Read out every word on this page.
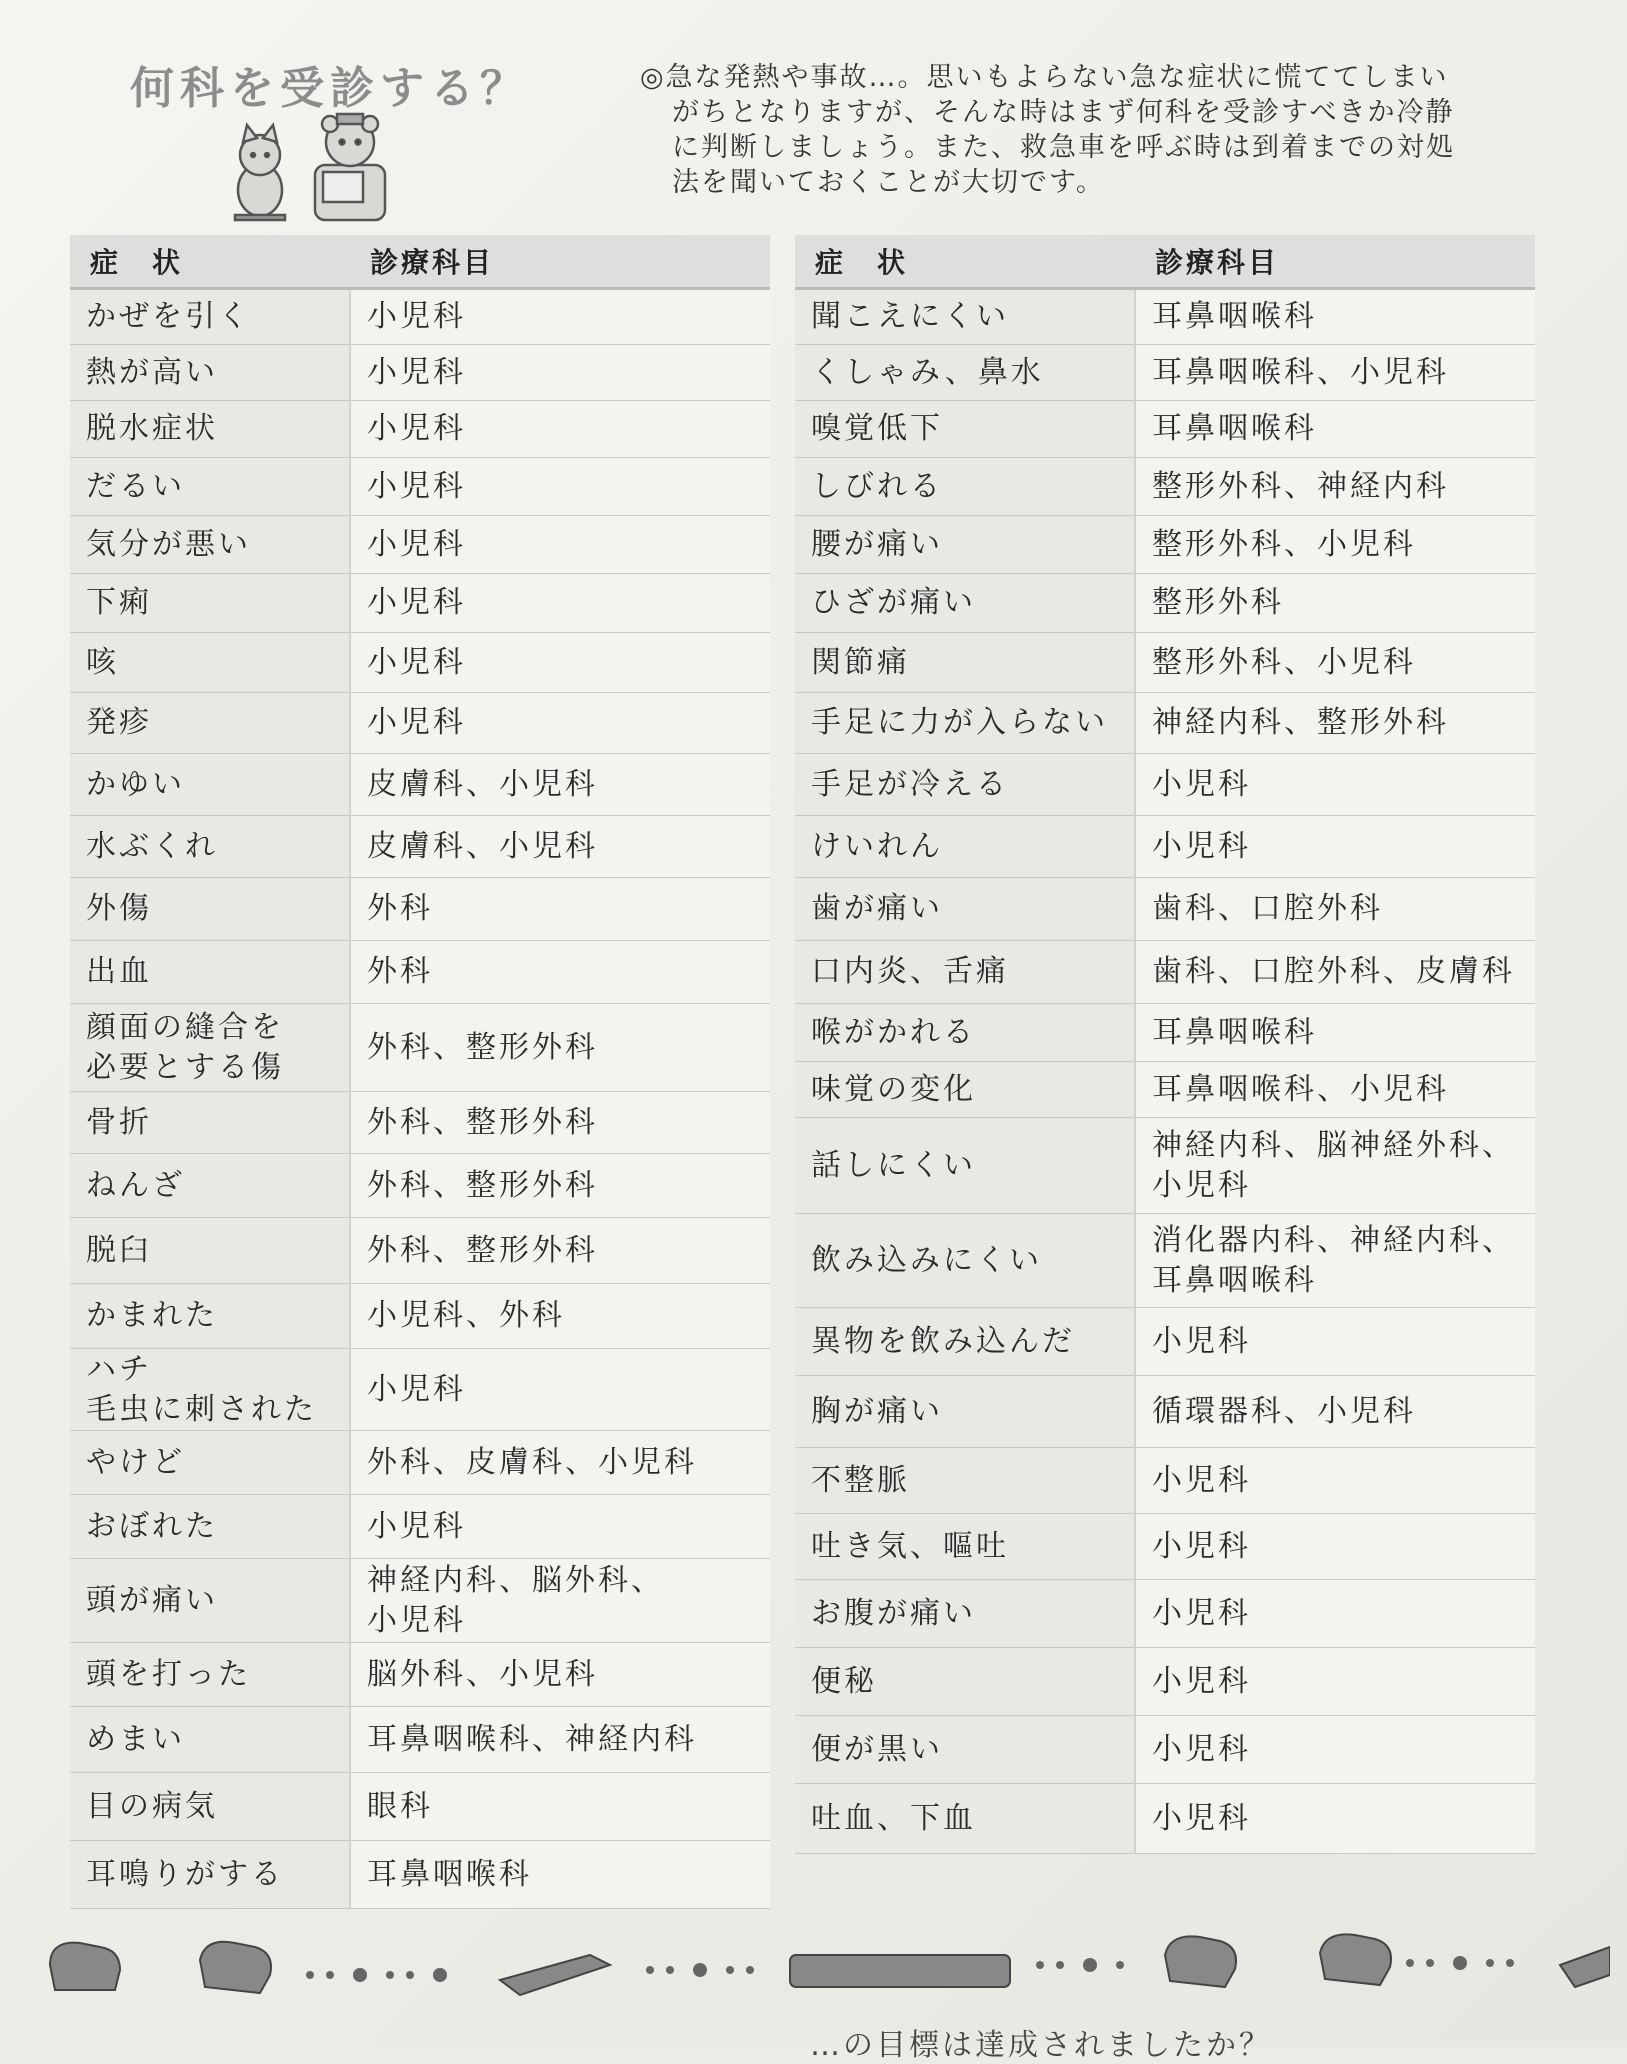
何科を受診する？	◎急な発熱や事故…。思いもよらない急な症状に慌ててしまい
がちとなりますが、そんな時はまず何科を受診すべきか冷静
に判断しましょう。また、救急車を呼ぶ時は到着までの対処
法を聞いておくことが大切です。
症　状	診療科目
かぜを引く	小児科
熱が高い	小児科
脱水症状	小児科
だるい	小児科
気分が悪い	小児科
下痢	小児科
咳	小児科
発疹	小児科
かゆい	皮膚科、小児科
水ぶくれ	皮膚科、小児科
外傷	外科
出血	外科
顔面の縫合を
必要とする傷	外科、整形外科
骨折	外科、整形外科
ねんざ	外科、整形外科
脱臼	外科、整形外科
かまれた	小児科、外科
ハチ
毛虫に刺された	小児科
やけど	外科、皮膚科、小児科
おぼれた	小児科
頭が痛い	神経内科、脳外科、
小児科
頭を打った	脳外科、小児科
めまい	耳鼻咽喉科、神経内科
目の病気	眼科
耳鳴りがする	耳鼻咽喉科
症　状	診療科目
聞こえにくい	耳鼻咽喉科
くしゃみ、鼻水	耳鼻咽喉科、小児科
嗅覚低下	耳鼻咽喉科
しびれる	整形外科、神経内科
腰が痛い	整形外科、小児科
ひざが痛い	整形外科
関節痛	整形外科、小児科
手足に力が入らない	神経内科、整形外科
手足が冷える	小児科
けいれん	小児科
歯が痛い	歯科、口腔外科
口内炎、舌痛	歯科、口腔外科、皮膚科
喉がかれる	耳鼻咽喉科
味覚の変化	耳鼻咽喉科、小児科
話しにくい	神経内科、脳神経外科、
小児科
飲み込みにくい	消化器内科、神経内科、
耳鼻咽喉科
異物を飲み込んだ	小児科
胸が痛い	循環器科、小児科
不整脈	小児科
吐き気、嘔吐	小児科
お腹が痛い	小児科
便秘	小児科
便が黒い	小児科
吐血、下血	小児科
…の目標は達成されましたか？
